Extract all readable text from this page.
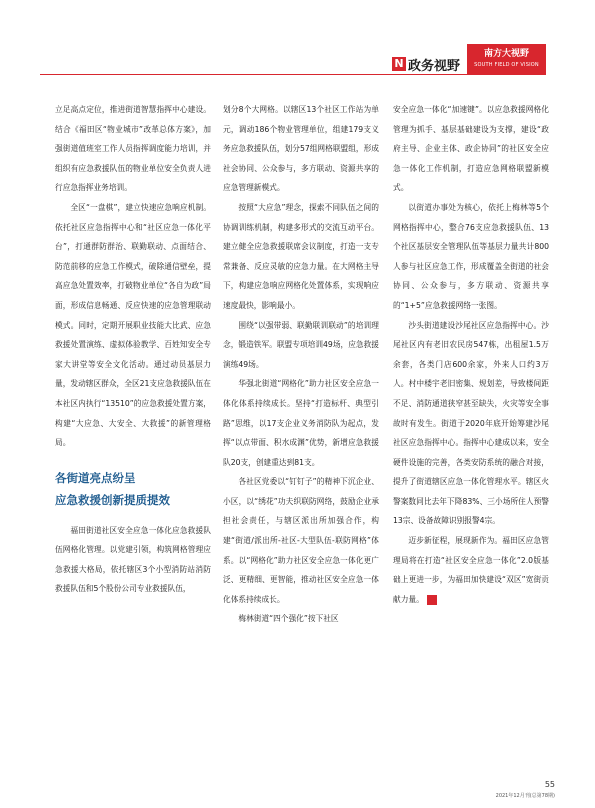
N 政务视野
南方大视野
SOUTH FIELD OF VISION

立足高点定位，推进街道智慧指挥中心建设。结合《福田区“物业城市”改革总体方案》，加强街道值班室工作人员指挥调度能力培训，并组织有应急救援队伍的物业单位安全负责人进行应急指挥业务培训。

全区“一盘棋”，建立快速应急响应机制。依托社区应急指挥中心和“社区应急一体化平台”，打通群防群治、联勤联动、点面结合、防范前移的应急工作模式，破除通信壁垒，提高应急处置效率，打破物业单位“各自为政”局面，形成信息畅通、反应快速的应急管理联动模式。同时，定期开展职业技能大比武、应急救援处置演练、虚拟体验教学、百姓知安全专家大讲堂等安全文化活动。通过动员基层力量，发动辖区群众，全区21支应急救援队伍在本社区内执行“13510”的应急救援处置方案，构建“大应急、大安全、大救援”的新管理格局。

各街道亮点纷呈
应急救援创新提质提效

福田街道社区安全应急一体化应急救援队伍网格化管理。以党建引领，构筑网格管理应急救援大格局，依托辖区3个小型消防站消防救援队伍和5个股份公司专业救援队伍，

划分8个大网格。以辖区13个社区工作站为单元，调动186个物业管理单位，组建179支义务应急救援队伍，划分57组网格联盟组，形成社会协同、公众参与，多方联动、资源共享的应急管理新模式。

按照“大应急”理念，探索不同队伍之间的协调训练机制，构建多形式的交流互动平台。建立健全应急救援联席会议制度，打造一支专常兼备、反应灵敏的应急力量。在大网格主导下，构建应急响应网格化处置体系，实现响应速度最快，影响最小。

围绕“以强带弱、联勤联训联动”的培训理念，锻造铁军。联盟专项培训49场，应急救援演练49场。

华强北街道“网格化”助力社区安全应急一体化体系持续成长。坚持“打造标杆、典型引路”思维，以17支企业义务消防队为起点，发挥“以点带面、积水成渊”优势，新增应急救援队20支，创建重达到81支。

各社区党委以“钉钉子”的精神下沉企业、小区，以“绣花”功夫织联防网络，鼓励企业承担社会责任，与辖区派出所加强合作，构建“街道/派出所-社区-大型队伍-联防网格”体系。以“网格化”助力社区安全应急一体化更广泛、更精细、更智能，推动社区安全应急一体化体系持续成长。

梅林街道“四个强化”按下社区

安全应急一体化“加速键”。以应急救援网格化管理为抓手、基层基础建设为支撑，建设“政府主导、企业主体、政企协同”的社区安全应急一体化工作机制，打造应急网格联盟新模式。

以街道办事处为核心，依托上梅林等5个网格指挥中心，整合76支应急救援队伍、13个社区基层安全管理队伍等基层力量共计800人参与社区应急工作，形成覆盖全街道的社会协同、公众参与，多方联动、资源共享的“1+5”应急救援网络一张图。

沙头街道建设沙尾社区应急指挥中心。沙尾社区内有老旧农民房547栋，出租屋1.5万余套，各类门店600余家，外来人口约3万人。村中楼宇老旧密集、规划差，导致楼间距不足、消防通道狭窄甚至缺失，火灾等安全事故时有发生。街道于2020年底开始筹建沙尾社区应急指挥中心。指挥中心建成以来，安全硬件设施的完善，各类安防系统的融合对接，提升了街道辖区应急一体化管理水平。辖区火警案数同比去年下降83%、三小场所住人预警13宗、设备故障识别报警4宗。

迈步新征程，展现新作为。福田区应急管理局将在打造“社区安全应急一体化”2.0版基础上更进一步，为福田加快建设“双区”宽街贡献力量。 N

55
2021年12月刊(总第78期)
